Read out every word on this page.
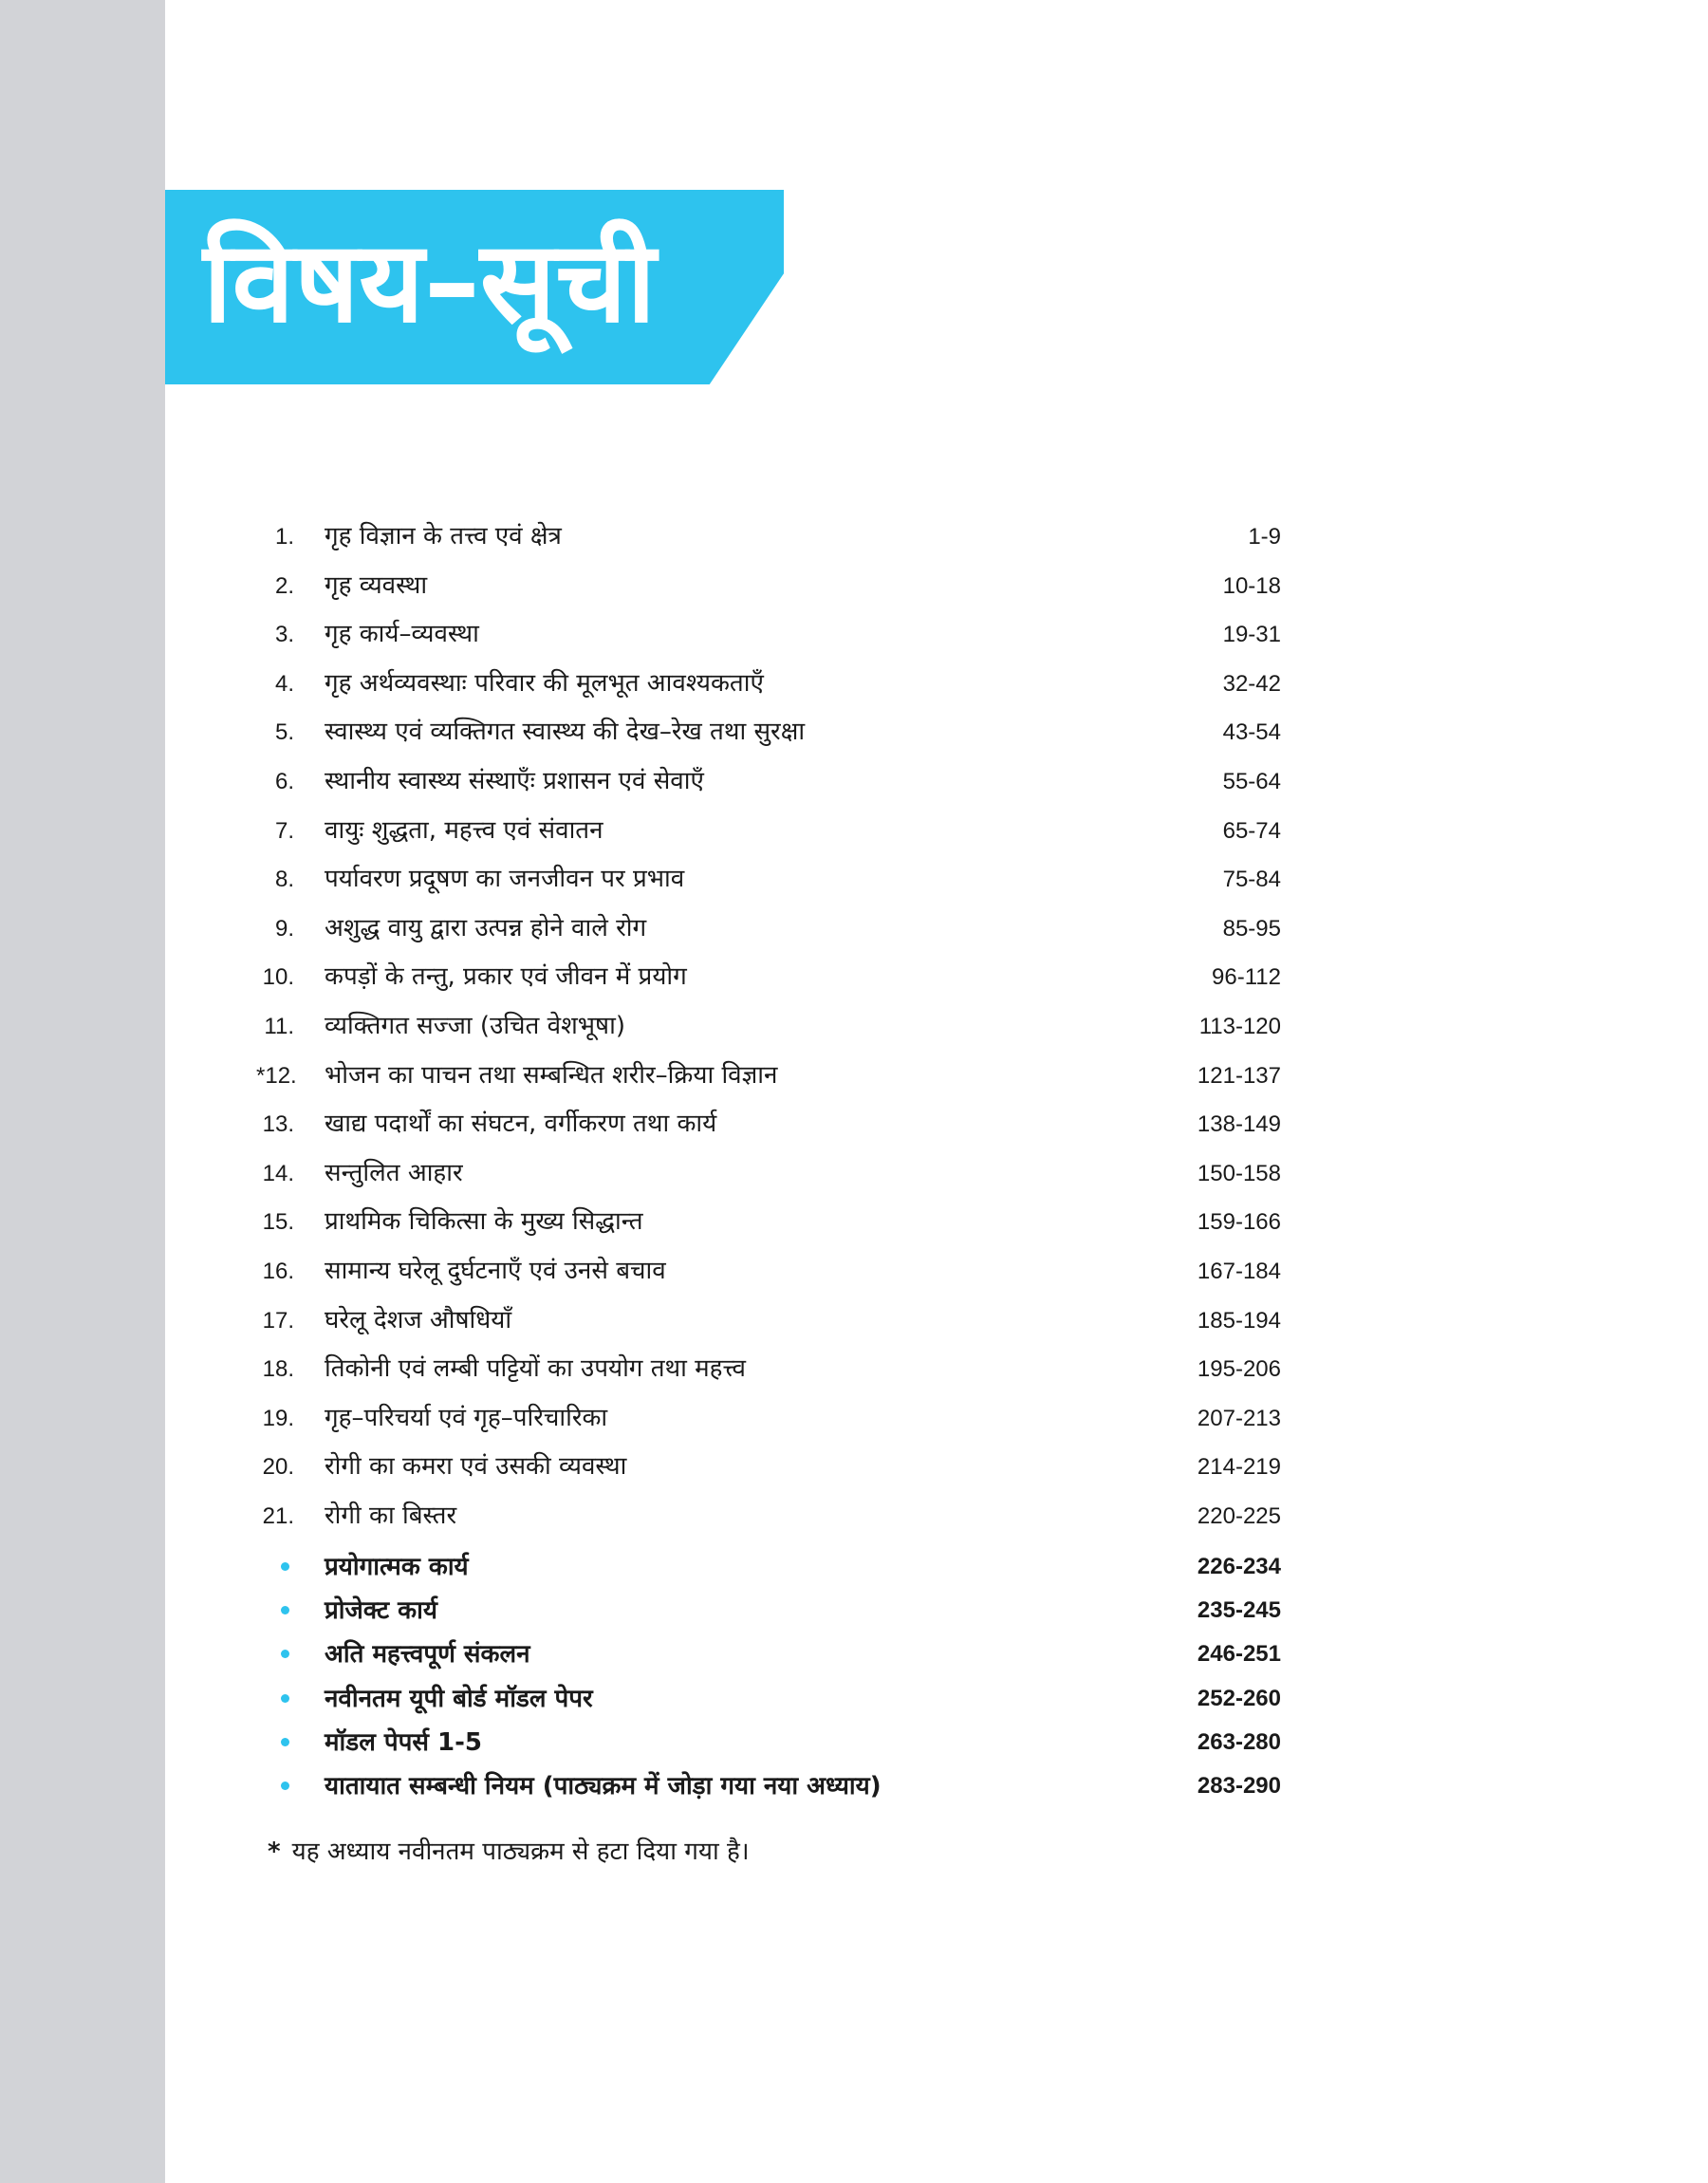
विषय–सूची
1. गृह विज्ञान के तत्त्व एवं क्षेत्र	1-9
2. गृह व्यवस्था	10-18
3. गृह कार्य–व्यवस्था	19-31
4. गृह अर्थव्यवस्थाः परिवार की मूलभूत आवश्यकताएँ	32-42
5. स्वास्थ्य एवं व्यक्तिगत स्वास्थ्य की देख–रेख तथा सुरक्षा	43-54
6. स्थानीय स्वास्थ्य संस्थाएँः प्रशासन एवं सेवाएँ	55-64
7. वायुः शुद्धता, महत्त्व एवं संवातन	65-74
8. पर्यावरण प्रदूषण का जनजीवन पर प्रभाव	75-84
9. अशुद्ध वायु द्वारा उत्पन्न होने वाले रोग	85-95
10. कपड़ों के तन्तु, प्रकार एवं जीवन में प्रयोग	96-112
11. व्यक्तिगत सज्जा (उचित वेशभूषा)	113-120
*12. भोजन का पाचन तथा सम्बन्धित शरीर–क्रिया विज्ञान	121-137
13. खाद्य पदार्थों का संघटन, वर्गीकरण तथा कार्य	138-149
14. सन्तुलित आहार	150-158
15. प्राथमिक चिकित्सा के मुख्य सिद्धान्त	159-166
16. सामान्य घरेलू दुर्घटनाएँ एवं उनसे बचाव	167-184
17. घरेलू देशज औषधियाँ	185-194
18. तिकोनी एवं लम्बी पट्टियों का उपयोग तथा महत्त्व	195-206
19. गृह–परिचर्या एवं गृह–परिचारिका	207-213
20. रोगी का कमरा एवं उसकी व्यवस्था	214-219
21. रोगी का बिस्तर	220-225
प्रयोगात्मक कार्य	226-234
प्रोजेक्ट कार्य	235-245
अति महत्त्वपूर्ण संकलन	246-251
नवीनतम यूपी बोर्ड मॉडल पेपर	252-260
मॉडल पेपर्स 1-5	263-280
यातायात सम्बन्धी नियम (पाठ्यक्रम में जोड़ा गया नया अध्याय)	283-290
* यह अध्याय नवीनतम पाठ्यक्रम से हटा दिया गया है।
